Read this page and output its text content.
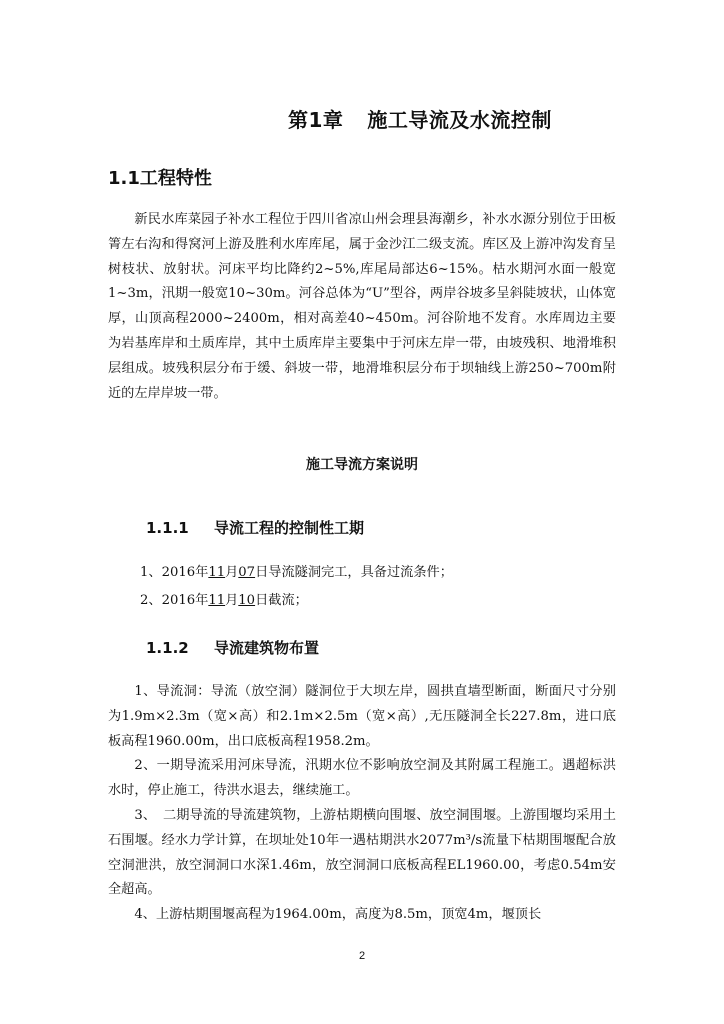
第1章 施工导流及水流控制
1.1工程特性

新民水库菜园子补水工程位于四川省凉山州会理县海潮乡，补水水源分别位于田板箐左右沟和得窝河上游及胜利水库库尾，属于金沙江二级支流。库区及上游冲沟发育呈树枝状、放射状。河床平均比降约2~5%,库尾局部达6~15%。枯水期河水面一般宽1~3m，汛期一般宽10~30m。河谷总体为“U”型谷，两岸谷坡多呈斜陡坡状，山体宽厚，山顶高程2000~2400m，相对高差40~450m。河谷阶地不发育。水库周边主要为岩基库岸和土质库岸，其中土质库岸主要集中于河床左岸一带，由坡残积、地滑堆积层组成。坡残积层分布于缓、斜坡一带，地滑堆积层分布于坝轴线上游250~700m附近的左岸岸坡一带。

施工导流方案说明
1.1.1 导流工程的控制性工期
1、2016年11月07日导流隧洞完工，具备过流条件；
2、2016年11月10日截流；
1.1.2 导流建筑物布置

1、导流洞：导流（放空洞）隧洞位于大坝左岸，圆拱直墙型断面，断面尺寸分别为1.9m×2.3m（宽×高）和2.1m×2.5m（宽×高）,无压隧洞全长227.8m，进口底板高程1960.00m，出口底板高程1958.2m。

2、一期导流采用河床导流，汛期水位不影响放空洞及其附属工程施工。遇超标洪水时，停止施工，待洪水退去，继续施工。

3、　二期导流的导流建筑物，上游枯期横向围堰、放空洞围堰。上游围堰均采用土石围堰。经水力学计算，在坝址处10年一遇枯期洪水2077m³/s流量下枯期围堰配合放空洞泄洪，放空洞洞口水深1.46m，放空洞洞口底板高程EL1960.00，考虑0.54m安全超高。

4、上游枯期围堰高程为1964.00m，高度为8.5m，顶宽4m，堰顶长

2
